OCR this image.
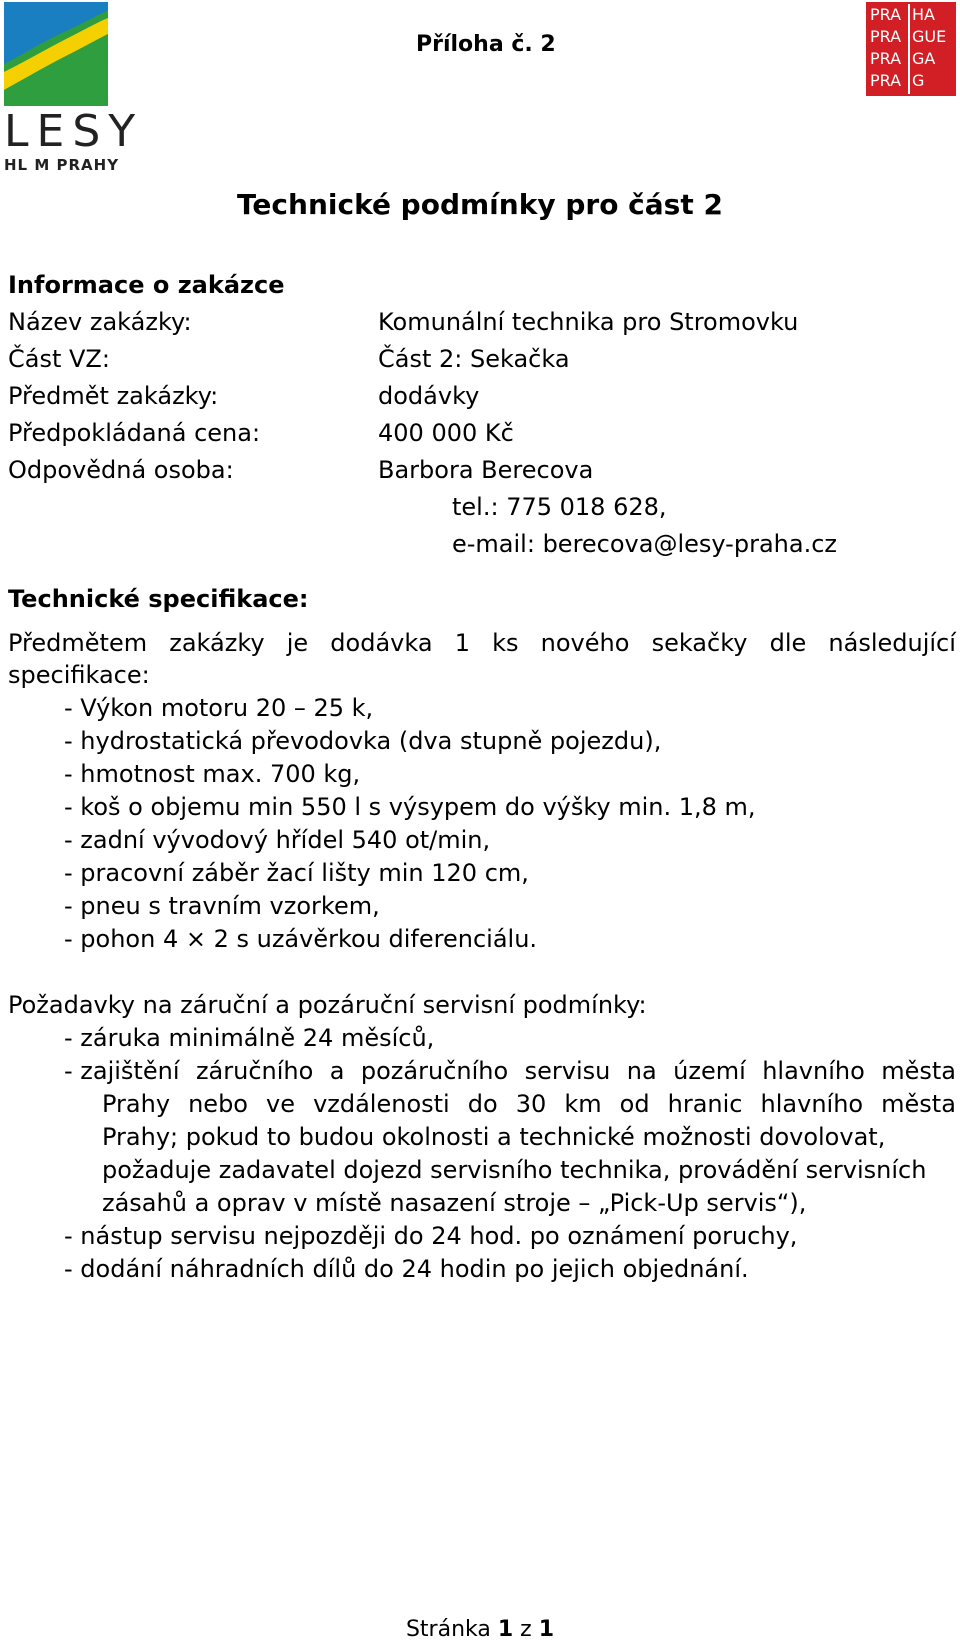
LESY
HL M PRAHY
PRA HA
PRA GUE
PRA GA
PRA G
Příloha č. 2
Technické podmínky pro část 2
Informace o zakázce
Název zakázky:	Komunální technika pro Stromovku
Část VZ:	Část 2: Sekačka
Předmět zakázky:	dodávky
Předpokládaná cena:	400 000 Kč
Odpovědná osoba:	Barbora Berecova
tel.: 775 018 628,
e-mail: berecova@lesy-praha.cz
Technické specifikace:
Předmětem zakázky je dodávka 1 ks nového sekačky dle následující
specifikace:
- Výkon motoru 20 – 25 k,
- hydrostatická převodovka (dva stupně pojezdu),
- hmotnost max. 700 kg,
- koš o objemu min 550 l s výsypem do výšky min. 1,8 m,
- zadní vývodový hřídel 540 ot/min,
- pracovní záběr žací lišty min 120 cm,
- pneu s travním vzorkem,
- pohon 4 × 2 s uzávěrkou diferenciálu.
Požadavky na záruční a pozáruční servisní podmínky:
- záruka minimálně 24 měsíců,
- zajištění záručního a pozáručního servisu na území hlavního města
Prahy nebo ve vzdálenosti do 30 km od hranic hlavního města
Prahy; pokud to budou okolnosti a technické možnosti dovolovat,
požaduje zadavatel dojezd servisního technika, provádění servisních
zásahů a oprav v místě nasazení stroje – „Pick-Up servis“),
- nástup servisu nejpozději do 24 hod. po oznámení poruchy,
- dodání náhradních dílů do 24 hodin po jejich objednání.
Stránka 1 z 1
